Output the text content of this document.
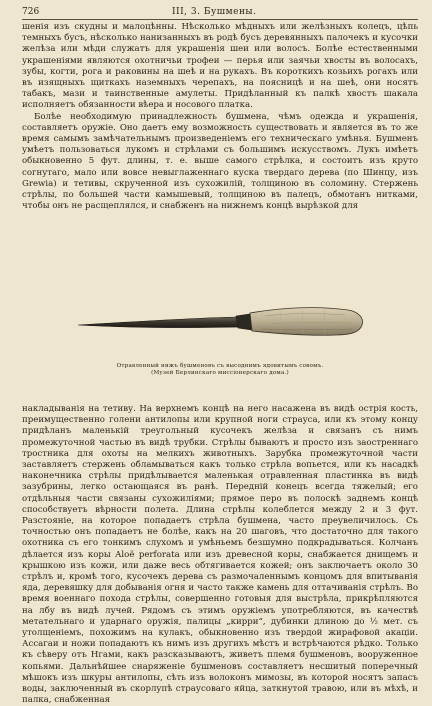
726	III, 3. Бушмены.

шенія изъ скудны и малоцѣнны. Нѣсколько мѣдныхъ или желѣзныхъ колецъ, цѣпь темныхъ бусъ, нѣсколько нанизанныхъ въ родѣ бусъ деревянныхъ палочекъ и кусочки желѣза или мѣди служатъ для украшенія шеи или волосъ. Болѣе естественными украшеніями являются охотничьи трофеи — перья или заячьи хвосты въ волосахъ, зубы, когти, рога и раковины на шеѣ и на рукахъ. Въ короткихъ козьихъ рогахъ или въ изящныхъ щиткахъ наземныхъ черепахъ, на поясницѣ и на шеѣ, они носятъ табакъ, мази и таинственные амулеты. Придѣланный къ палкѣ хвостъ шакала исполняетъ обязанности вѣера и носового платка.

Болѣе необходимую принадлежность бушмена, чѣмъ одежда и украшенія, составляетъ оружіе. Оно даетъ ему возможность существовать и является въ то же время самымъ замѣчательнымъ произведеніемъ его техническаго умѣнья. Бушменъ умѣетъ пользоваться лукомъ и стрѣлами съ большимъ искусствомъ. Лукъ имѣетъ обыкновенно 5 фут. длины, т. е. выше самого стрѣлка, и состоитъ изъ круто согнутаго, мало или вовсе невыглаженнаго куска твердаго дерева (по Шинцу, изъ Grewia) и тетивы, скрученной изъ сухожилій, толщиною въ соломину. Стержень стрѣлы, по большей части камышевый, толщиною въ палецъ, обмотанъ нитками, чтобы онъ не расщеплялся, и снабженъ на нижнемъ концѣ вырѣзкой для

Отравленный нижъ бушменовъ съ высоднимъ ядовитымъ совомъ.
(Музей Берлинскаго миссіонерскаго дома.)

накладыванія на тетиву. На верхнемъ концѣ на него насажена въ видѣ острія кость, преимущественно голени антилопы или крупной ноги страуса, или къ этому концу придѣланъ маленькій треугольный кусочекъ желѣза и связанъ съ нимъ промежуточной частью въ видѣ трубки. Стрѣлы бываютъ и просто изъ заостреннаго тростника для охоты на мелкихъ животныхъ. Зарубка промежуточной части заставляетъ стержень обламываться какъ только стрѣла вопьется, или къ насадкѣ наконечника стрѣлы придѣлывается маленькая отравленная пластинка въ видѣ зазубрины, легко остающаяся въ ранѣ. Передній конецъ всегда тяжелый; его отдѣльныя части связаны сухожиліями; прямое перо въ полоскѣ заднемъ концѣ способствуетъ вѣрности полета. Длина стрѣлы колеблется между 2 и 3 фут. Разстояніе, на которое попадаетъ стрѣла бушмена, часто преувеличилось. Съ точностью онъ попадаетъ не болѣе, какъ на 20 шаговъ, что достаточно для такого охотника съ его тонкимъ слухомъ и умѣньемъ безшумно подкрадываться. Колчанъ дѣлается изъ коры Aloë perforata или изъ древесной коры, снабжается днищемъ и крышкою изъ кожи, или даже весь обтягивается кожей; онъ заключаетъ около 30 стрѣлъ и, кромѣ того, кусочекъ дерева съ размочаленнымъ концомъ для впитыванія яда, деревяшку для добыванія огня и часто также камень для оттачиванія стрѣлъ. Во время военнаго похода стрѣлы, совершенно готовыя для выстрѣла, прикрѣпляются на лбу въ видѣ лучей. Рядомъ съ этимъ оружіемъ употребляются, въ качествѣ метательнаго и ударнаго оружія, палицы „кирри“, дубинки длиною до ½ мет. съ утолщеніемъ, похожимъ на кулакъ, обыкновенно изъ твердой жирафовой акаціи. Ассагаи и ножи попадаютъ къ нимъ изъ другихъ мѣстъ и встрѣчаются рѣдко. Только къ сѣверу отъ Нгами, какъ разсказываютъ, живетъ племя бушменовъ, вооруженное копьями. Дальнѣйшее снаряженіе бушменовъ составляетъ несшитый поперечный мѣшокъ изъ шкуры антилопы, сѣть изъ волоконъ мимозы, въ которой носятъ запасъ воды, заключенный въ скорлупѣ страусоваго яйца, заткнутой травою, или въ мѣхѣ, и палка, снабженная
